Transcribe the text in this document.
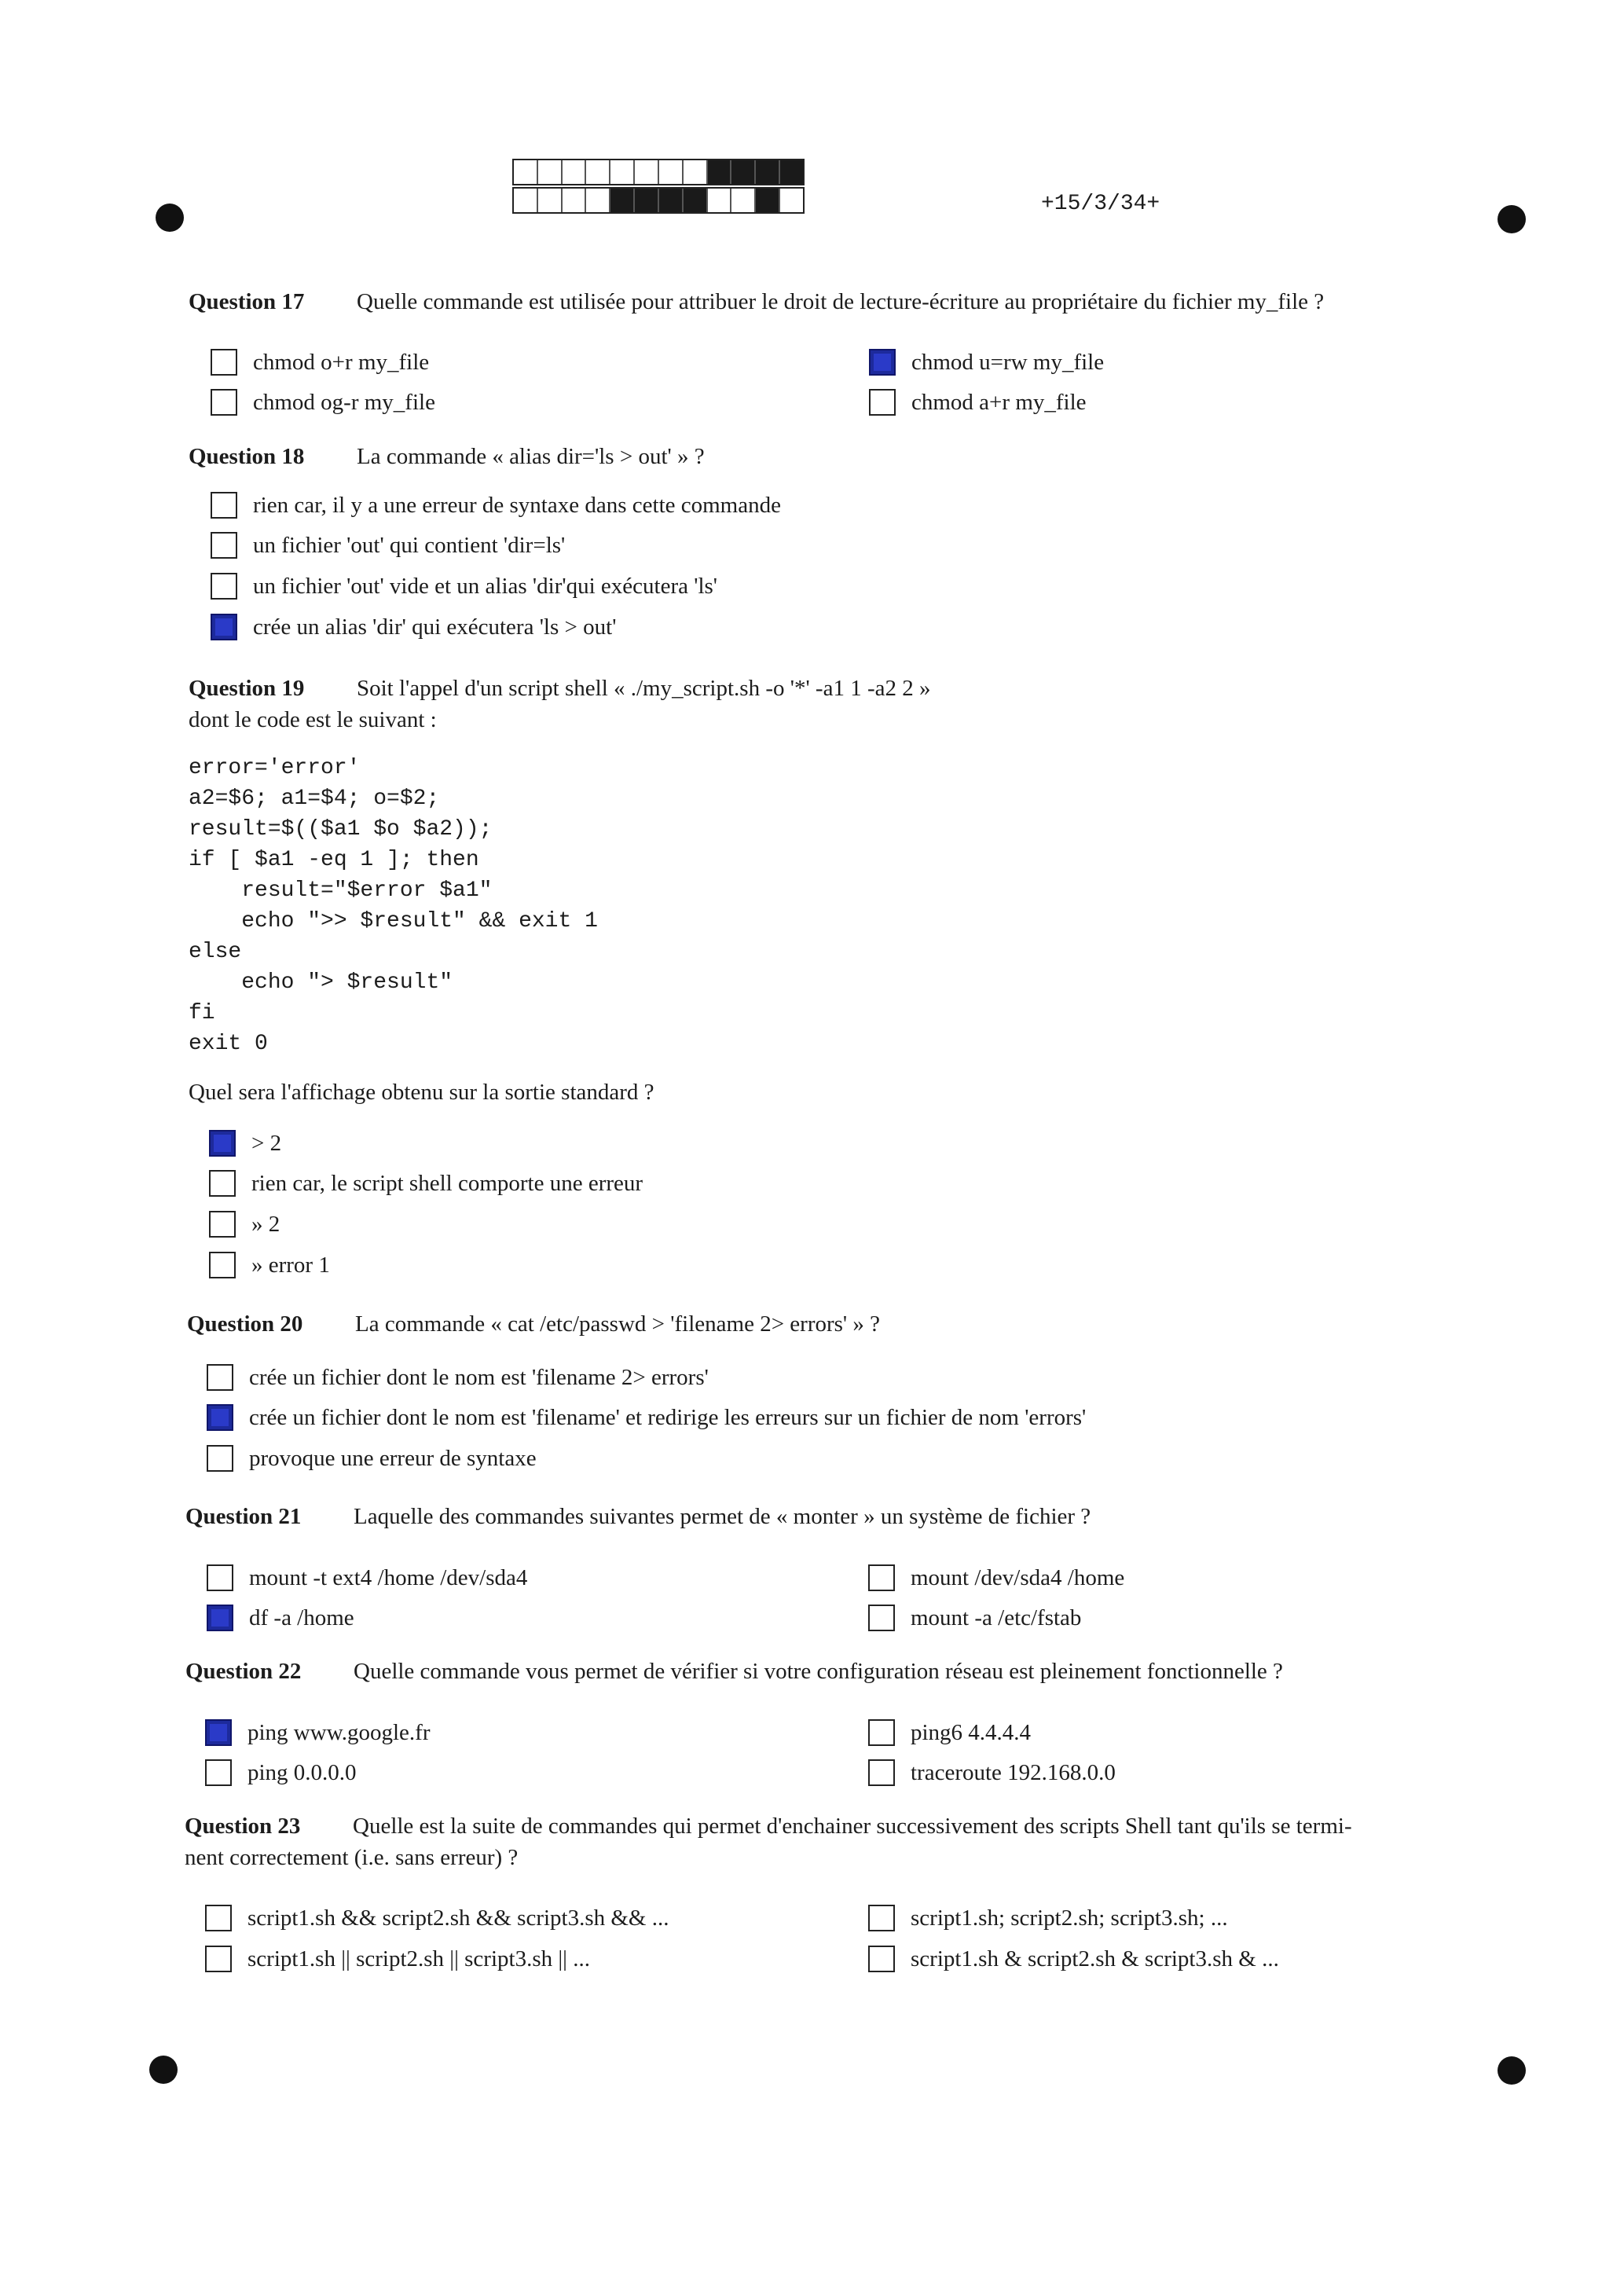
+15/3/34+
Question 17	Quelle commande est utilisée pour attribuer le droit de lecture-écriture au propriétaire du fichier my_file ?
chmod o+r my_file	chmod u=rw my_file
chmod og-r my_file	chmod a+r my_file
Question 18	La commande « alias dir='ls > out' » ?
rien car, il y a une erreur de syntaxe dans cette commande
un fichier 'out' qui contient 'dir=ls'
un fichier 'out' vide et un alias 'dir'qui exécutera 'ls'
crée un alias 'dir' qui exécutera 'ls > out'
Question 19	Soit l'appel d'un script shell « ./my_script.sh -o '*' -a1 1 -a2 2 »
dont le code est le suivant :
error='error'
a2=$6; a1=$4; o=$2;
result=$(($a1 $o $a2));
if [ $a1 -eq 1 ]; then
result="$error $a1"
echo ">> $result" && exit 1
else
echo "> $result"
fi
exit 0
Quel sera l'affichage obtenu sur la sortie standard ?
> 2
rien car, le script shell comporte une erreur
» 2
» error 1
Question 20	La commande « cat /etc/passwd > 'filename 2> errors' » ?
crée un fichier dont le nom est 'filename 2> errors'
crée un fichier dont le nom est 'filename' et redirige les erreurs sur un fichier de nom 'errors'
provoque une erreur de syntaxe
Question 21	Laquelle des commandes suivantes permet de « monter » un système de fichier ?
mount -t ext4 /home /dev/sda4	mount /dev/sda4 /home
df -a /home	mount -a /etc/fstab
Question 22	Quelle commande vous permet de vérifier si votre configuration réseau est pleinement fonctionnelle ?
ping www.google.fr	ping6 4.4.4.4
ping 0.0.0.0	traceroute 192.168.0.0
Question 23	Quelle est la suite de commandes qui permet d'enchainer successivement des scripts Shell tant qu'ils se termi-
nent correctement (i.e. sans erreur) ?
script1.sh && script2.sh && script3.sh && ...	script1.sh; script2.sh; script3.sh; ...
script1.sh || script2.sh || script3.sh || ...	script1.sh & script2.sh & script3.sh & ...
